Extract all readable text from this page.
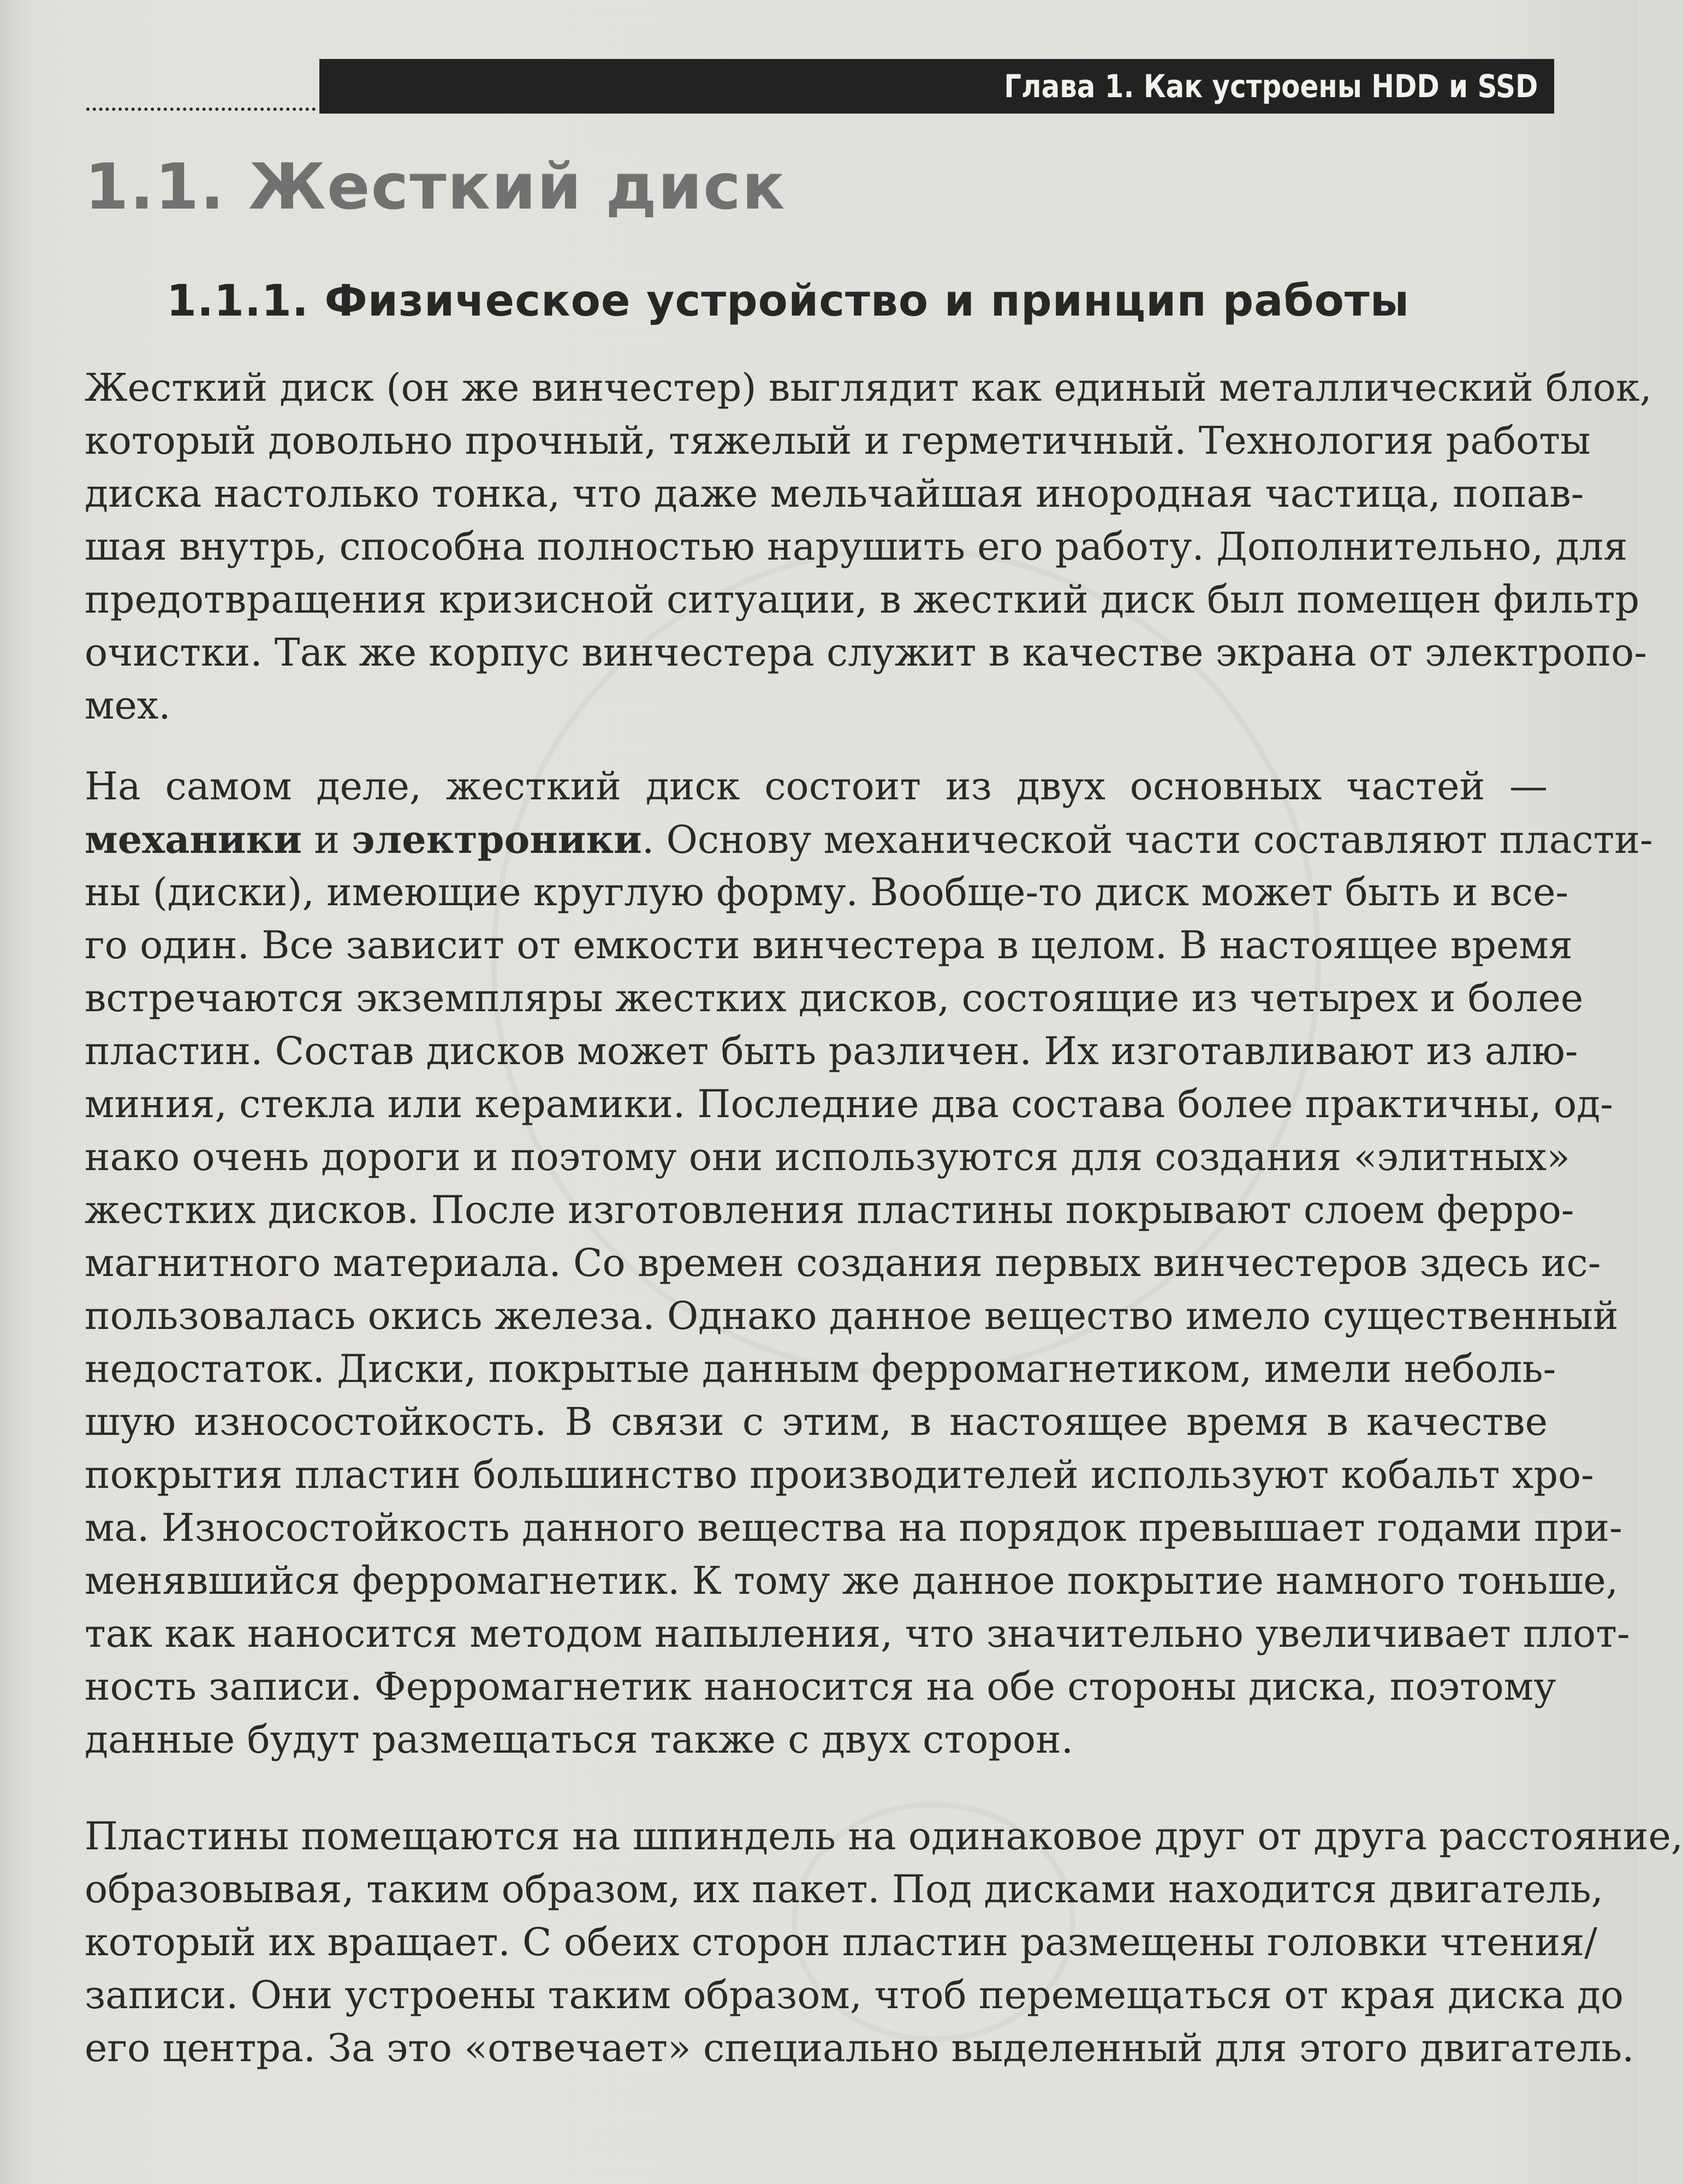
Глава 1. Как устроены HDD и SSD
1.1. Жесткий диск
1.1.1. Физическое устройство и принцип работы
Жесткий диск (он же винчестер) выглядит как единый металлический блок,
который довольно прочный, тяжелый и герметичный. Технология работы
диска настолько тонка, что даже мельчайшая инородная частица, попав-
шая внутрь, способна полностью нарушить его работу. Дополнительно, для
предотвращения кризисной ситуации, в жесткий диск был помещен фильтр
очистки. Так же корпус винчестера служит в качестве экрана от электропо-
мех.
На самом деле, жесткий диск состоит из двух основных частей —
механики и электроники. Основу механической части составляют пласти-
ны (диски), имеющие круглую форму. Вообще-то диск может быть и все-
го один. Все зависит от емкости винчестера в целом. В настоящее время
встречаются экземпляры жестких дисков, состоящие из четырех и более
пластин. Состав дисков может быть различен. Их изготавливают из алю-
миния, стекла или керамики. Последние два состава более практичны, од-
нако очень дороги и поэтому они используются для создания «элитных»
жестких дисков. После изготовления пластины покрывают слоем ферро-
магнитного материала. Со времен создания первых винчестеров здесь ис-
пользовалась окись железа. Однако данное вещество имело существенный
недостаток. Диски, покрытые данным ферромагнетиком, имели неболь-
шую износостойкость. В связи с этим, в настоящее время в качестве
покрытия пластин большинство производителей используют кобальт хро-
ма. Износостойкость данного вещества на порядок превышает годами при-
менявшийся ферромагнетик. К тому же данное покрытие намного тоньше,
так как наносится методом напыления, что значительно увеличивает плот-
ность записи. Ферромагнетик наносится на обе стороны диска, поэтому
данные будут размещаться также с двух сторон.
Пластины помещаются на шпиндель на одинаковое друг от друга расстояние,
образовывая, таким образом, их пакет. Под дисками находится двигатель,
который их вращает. С обеих сторон пластин размещены головки чтения/
записи. Они устроены таким образом, чтоб перемещаться от края диска до
его центра. За это «отвечает» специально выделенный для этого двигатель.
